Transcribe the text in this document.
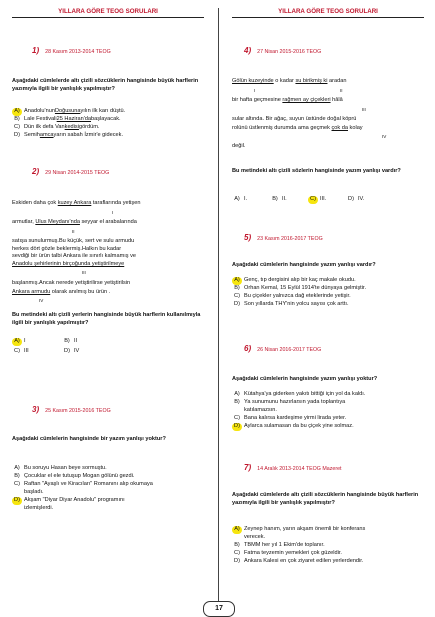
YILLARA GÖRE TEOG SORULARI	YILLARA GÖRE TEOG SORULARI
1) 28 Kasım 2013-2014 TEOG
Aşağıdaki cümlelerde altı çizili sözcüklerin hangisinde büyük harflerin yazımıyla ilgili bir yanlışlık yapılmıştır?
A) Anadolu'nun Doğusuna yılın ilk karı düştü.
B) Lale Festivali 25 Haziran'da başlayacak.
C) Dün ilk defa Van kedisi gördüm.
D) Semih amca yarın sabah İzmir'e gidecek.
2) 29 Nisan 2014-2015 TEOG
Eskiden daha çok kuzey Ankara taraflarında yetişen
I
armutlar, Ulus Meydanı'nda seyyar el arabalarında
II
satışa sunulurmuş.Bu küçük, sert ve sulu armudu
herkes dört gözle beklermiş.Halkın bu kadar
sevdiği bir ürün talbi Ankara ile sınırlı kalmamış ve
Anadolu şehirlerinin birçoğunda yetiştirilmeye
III
başlanmış.Ancak nerede yetiştirilirse yetiştirilsin
Ankara armudu olarak anılmış bu ürün .
IV
Bu metindeki altı çizili yerlerin hangisinde büyük harflerin kullanılmıyla ilgili bir yanlışlık yapılmıştır?
A) I	B) II
C) III	D) IV
3) 25 Kasım 2015-2016 TEOG
Aşağıdaki cümlelerin hangisinde bir yazım yanlışı yoktur?
A) Bu soruyu Hasan beye sormuştu.
B) Çocuklar el ele tutuşup Mogan gölünü gezdi.
C) Raftan "Ayaşlı ve Kiracıları" Romanını alıp okumaya
başladı.
D) Akşam "Diyar Diyar Anadolu" programını
izlemişlerdi.
4) 27 Nisan 2015-2016 TEOG
Gölün kuzeyinde o kadar su birikmiş ki aradan
I	II
bir hafta geçmesine rağmen ay çiçekleri hâlâ
III
sular altında. Bir ağaç, suyun üstünde doğal köprü
rolünü üstlenmiş durumda ama geçmek çok da kolay
IV
değil.
Bu metindeki altı çizili sözlerin hangisinde yazım yanlışı vardır?
A) I.	B) II.	C) III.	D) IV.
5) 23 Kasım 2016-2017 TEOG
Aşağıdaki cümlelerin hangisinde yazım yanlışı vardır?
A) Genç, tıp dergisini alıp bir kaç makale okudu.
B) Orhan Kemal, 15 Eylül 1914'te dünyaya gelmiştir.
C) Bu çiçekler yalnızca dağ eteklerinde yetişir.
D) Son yıllarda THY'nin yolcu sayısı çok arttı.
6) 26 Nisan 2016-2017 TEOG
Aşağıdaki cümlelerin hangisinde yazım yanlışı yoktur?
A) Kütahya'ya giderken yakıtı bittiği için yol da kaldı.
B) Ya sunumunu hazırlarsın yada toplantıya
katılamazsın.
C) Bana kalırsa kardeşime yirmi lirada yeter.
D) Aylarca sulamasan da bu çiçek yine solmaz.
7) 14 Aralık 2013-2014 TEOG Mazeret
Aşağıdaki cümlelerde altı çizili sözcüklerin hangisinde büyük harflerin yazımıyla ilgili bir yanlışlık yapılmıştır?
A) Zeynep hanım, yarın akşam önemli bir konferans
verecek.
B) TBMM her yıl 1 Ekim'de toplanır.
C) Fatma teyzemin yemekleri çok güzeldir.
D) Ankara Kalesi en çok ziyaret edilen yerlerdendir.
17
